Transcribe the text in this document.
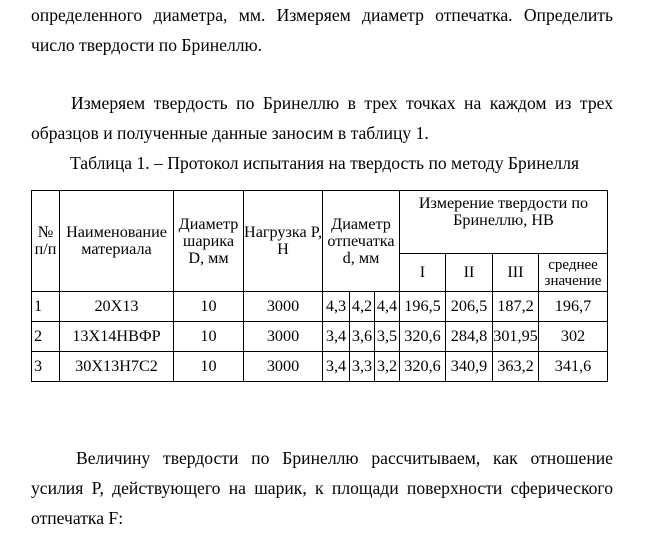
определенного диаметра, мм. Измеряем диаметр отпечатка. Определить
число твердости по Бринеллю.
Измеряем твердость по Бринеллю в трех точках на каждом из трех
образцов и полученные данные заносим в таблицу 1.
Таблица 1. – Протокол испытания на твердость по методу Бринелля
№ п/п	Наименование материала	Диаметр шарика D, мм	Нагрузка P, Н	Диаметр отпечатка d, мм			Измерение твердости по Бринеллю, НВ			
							I	II	III	среднее значение
1	20Х13	10	3000	4,3	4,2	4,4	196,5	206,5	187,2	196,7
2	13Х14НВФР	10	3000	3,4	3,6	3,5	320,6	284,8	301,95	302
3	30Х13Н7С2	10	3000	3,4	3,3	3,2	320,6	340,9	363,2	341,6
Величину твердости по Бринеллю рассчитываем, как отношение
усилия P, действующего на шарик, к площади поверхности сферического
отпечатка F:
